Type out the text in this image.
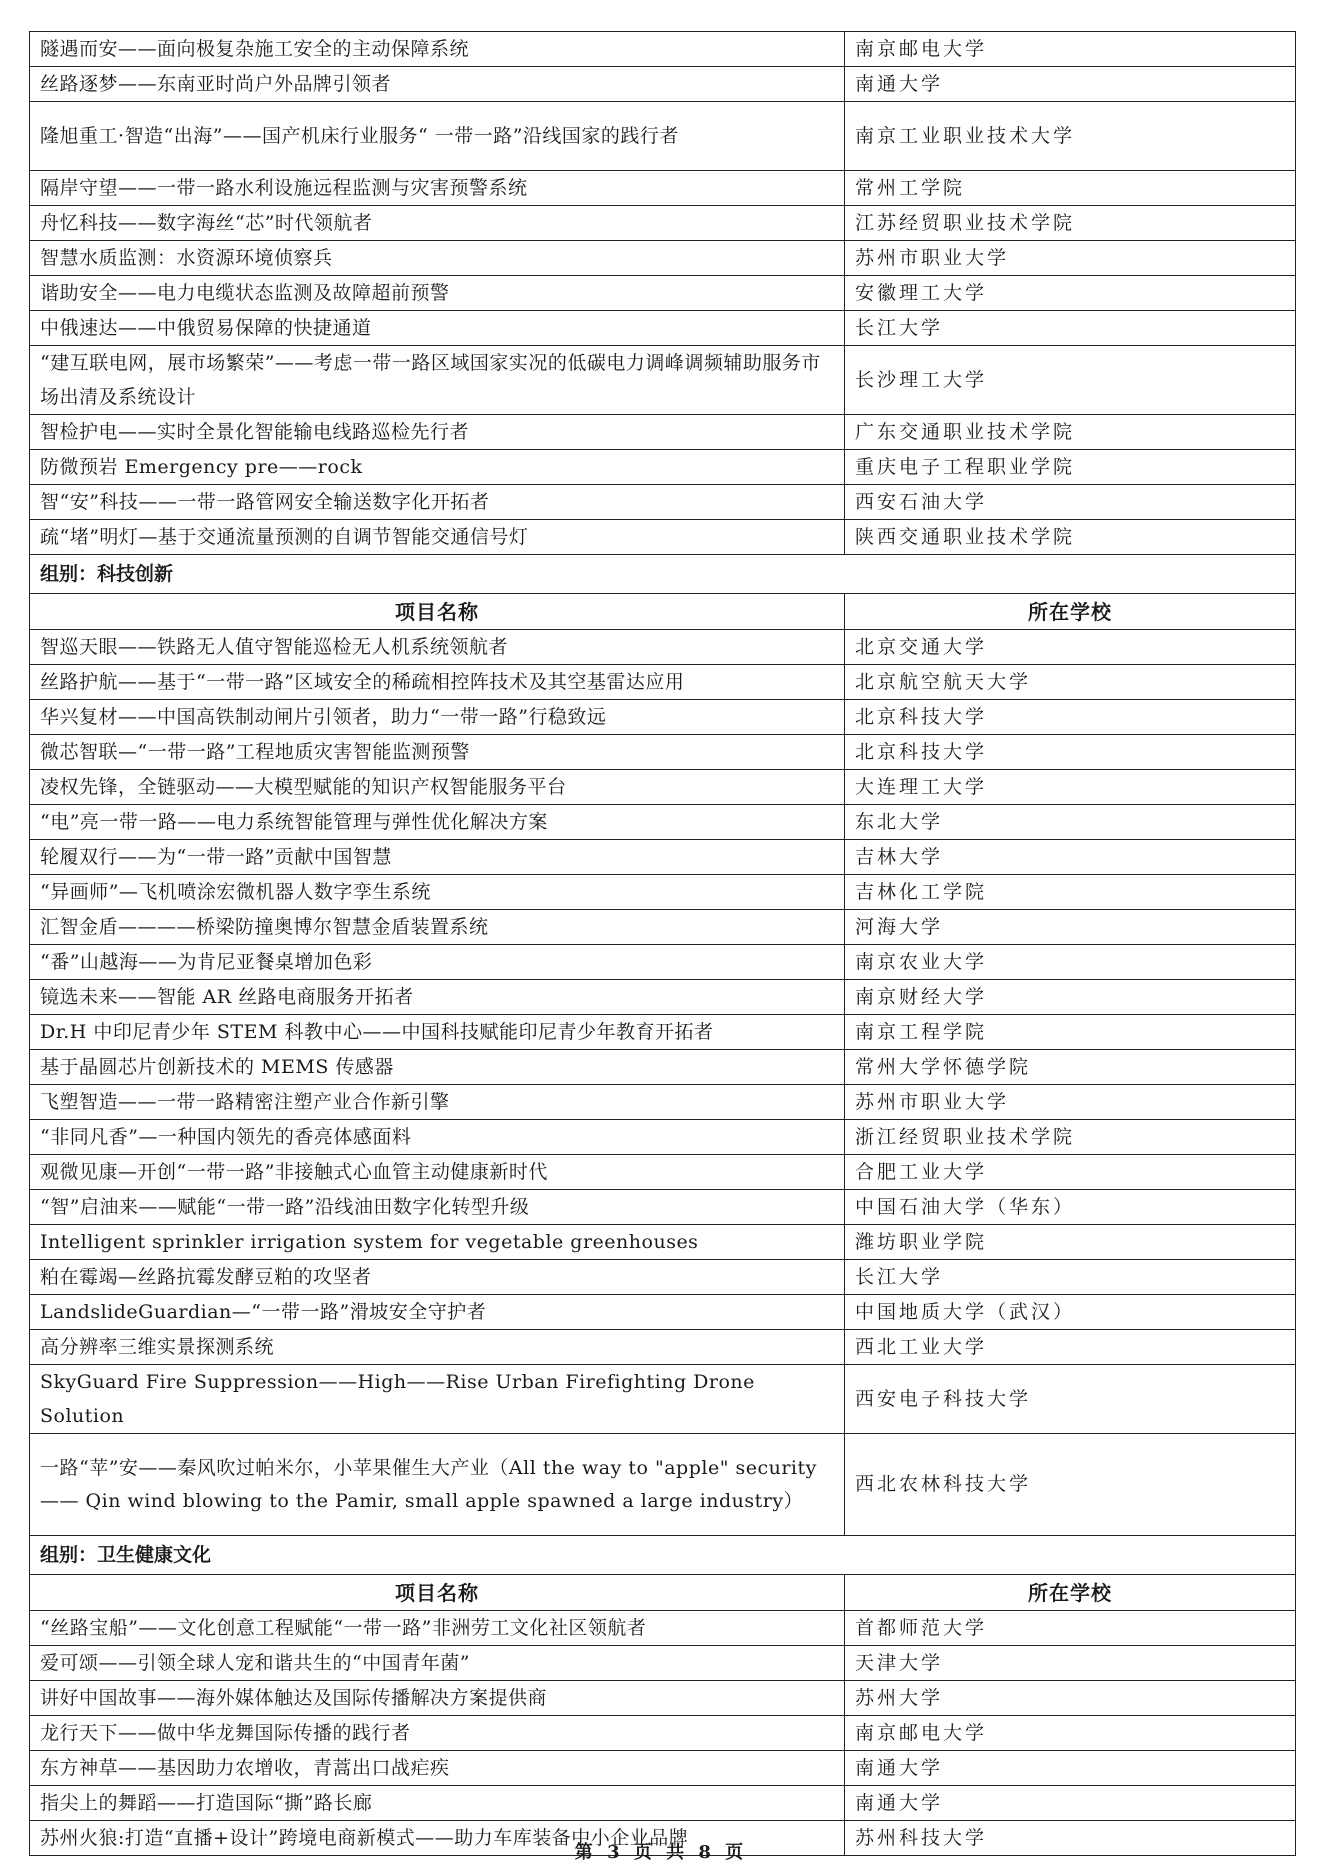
隧遇而安——面向极复杂施工安全的主动保障系统	南京邮电大学
丝路逐梦——东南亚时尚户外品牌引领者	南通大学
隆旭重工·智造“出海”——国产机床行业服务“ 一带一路”沿线国家的践行者	南京工业职业技术大学
隔岸守望——一带一路水利设施远程监测与灾害预警系统	常州工学院
舟忆科技——数字海丝“芯”时代领航者	江苏经贸职业技术学院
智慧水质监测：水资源环境侦察兵	苏州市职业大学
谐助安全——电力电缆状态监测及故障超前预警	安徽理工大学
中俄速达——中俄贸易保障的快捷通道	长江大学
“建互联电网，展市场繁荣”——考虑一带一路区域国家实况的低碳电力调峰调频辅助服务市场出清及系统设计	长沙理工大学
智检护电——实时全景化智能输电线路巡检先行者	广东交通职业技术学院
防微预岩 Emergency pre——rock	重庆电子工程职业学院
智“安”科技——一带一路管网安全输送数字化开拓者	西安石油大学
疏“堵”明灯—基于交通流量预测的自调节智能交通信号灯	陕西交通职业技术学院
组别：科技创新	
项目名称	所在学校
智巡天眼——铁路无人值守智能巡检无人机系统领航者	北京交通大学
丝路护航——基于“一带一路”区域安全的稀疏相控阵技术及其空基雷达应用	北京航空航天大学
华兴复材——中国高铁制动闸片引领者，助力“一带一路”行稳致远	北京科技大学
微芯智联—“一带一路”工程地质灾害智能监测预警	北京科技大学
凌权先锋，全链驱动——大模型赋能的知识产权智能服务平台	大连理工大学
“电”亮一带一路——电力系统智能管理与弹性优化解决方案	东北大学
轮履双行——为“一带一路”贡献中国智慧	吉林大学
“异画师”—飞机喷涂宏微机器人数字孪生系统	吉林化工学院
汇智金盾————桥梁防撞奥博尔智慧金盾装置系统	河海大学
“番”山越海——为肯尼亚餐桌增加色彩	南京农业大学
镜选未来——智能 AR 丝路电商服务开拓者	南京财经大学
Dr.H 中印尼青少年 STEM 科教中心——中国科技赋能印尼青少年教育开拓者	南京工程学院
基于晶圆芯片创新技术的 MEMS 传感器	常州大学怀德学院
飞塑智造——一带一路精密注塑产业合作新引擎	苏州市职业大学
“非同凡香”—一种国内领先的香亮体感面料	浙江经贸职业技术学院
观微见康—开创“一带一路”非接触式心血管主动健康新时代	合肥工业大学
“智”启油来——赋能“一带一路”沿线油田数字化转型升级	中国石油大学（华东）
Intelligent sprinkler irrigation system for vegetable greenhouses	潍坊职业学院
粕在霉竭—丝路抗霉发酵豆粕的攻坚者	长江大学
LandslideGuardian—“一带一路”滑坡安全守护者	中国地质大学（武汉）
高分辨率三维实景探测系统	西北工业大学
SkyGuard Fire Suppression——High——Rise Urban Firefighting Drone Solution	西安电子科技大学
一路“苹”安——秦风吹过帕米尔，小苹果催生大产业（All the way to "apple" security —— Qin wind blowing to the Pamir, small apple spawned a large industry）	西北农林科技大学
组别：卫生健康文化	
项目名称	所在学校
“丝路宝船”——文化创意工程赋能“一带一路”非洲劳工文化社区领航者	首都师范大学
爱可颂——引领全球人宠和谐共生的“中国青年菌”	天津大学
讲好中国故事——海外媒体触达及国际传播解决方案提供商	苏州大学
龙行天下——做中华龙舞国际传播的践行者	南京邮电大学
东方神草——基因助力农增收，青蒿出口战疟疾	南通大学
指尖上的舞蹈——打造国际“撕”路长廊	南通大学
苏州火狼:打造“直播+设计”跨境电商新模式——助力车库装备中小企业品牌	苏州科技大学
第 3 页 共 8 页
